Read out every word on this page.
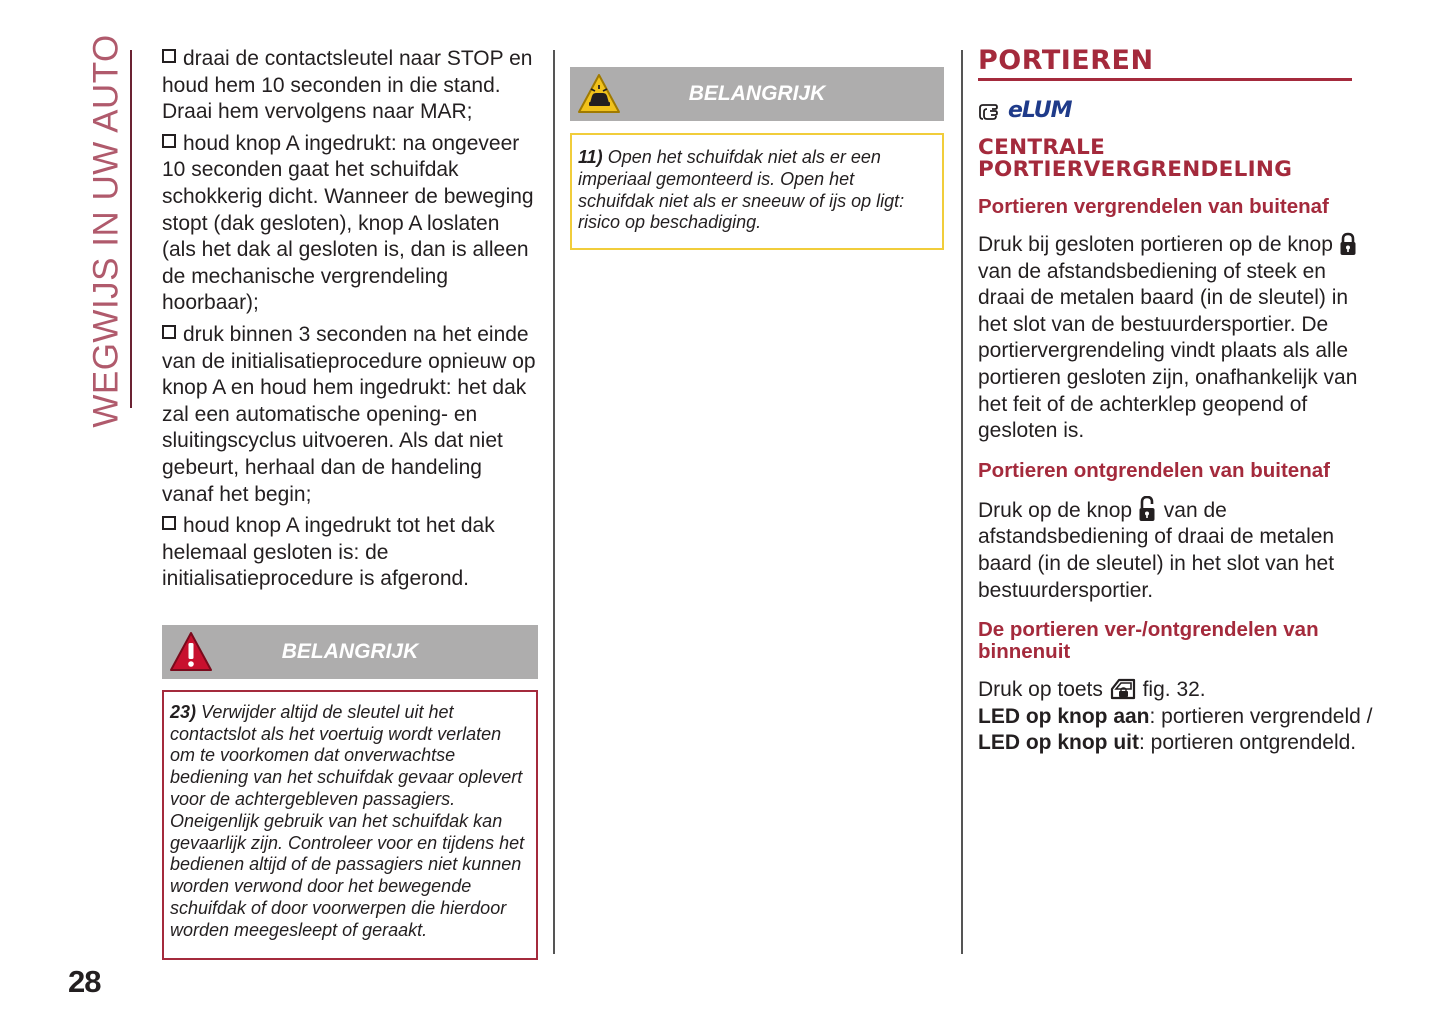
WEGWIJS IN UW AUTO
28

draai de contactsleutel naar STOP en houd hem 10 seconden in die stand. Draai hem vervolgens naar MAR;

houd knop A ingedrukt: na ongeveer 10 seconden gaat het schuifdak schokkerig dicht. Wanneer de beweging stopt (dak gesloten), knop A loslaten (als het dak al gesloten is, dan is alleen de mechanische vergrendeling hoorbaar);

druk binnen 3 seconden na het einde van de initialisatieprocedure opnieuw op knop A en houd hem ingedrukt: het dak zal een automatische opening- en sluitingscyclus uitvoeren. Als dat niet gebeurt, herhaal dan de handeling vanaf het begin;

houd knop A ingedrukt tot het dak helemaal gesloten is: de initialisatieprocedure is afgerond.

BELANGRIJK
23) Verwijder altijd de sleutel uit het contactslot als het voertuig wordt verlaten om te voorkomen dat onverwachtse bediening van het schuifdak gevaar oplevert voor de achtergebleven passagiers. Oneigenlijk gebruik van het schuifdak kan gevaarlijk zijn. Controleer voor en tijdens het bedienen altijd of de passagiers niet kunnen worden verwond door het bewegende schuifdak of door voorwerpen die hierdoor worden meegesleept of geraakt.
BELANGRIJK
11) Open het schuifdak niet als er een imperiaal gemonteerd is. Open het schuifdak niet als er sneeuw of ijs op ligt: risico op beschadiging.
PORTIEREN
eLUM
CENTRALE PORTIERVERGRENDELING
Portieren vergrendelen van buitenaf

Druk bij gesloten portieren op de knop  van de afstandsbediening of steek en draai de metalen baard (in de sleutel) in het slot van de bestuurdersportier. De portiervergrendeling vindt plaats als alle portieren gesloten zijn, onafhankelijk van het feit of de achterklep geopend of gesloten is.

Portieren ontgrendelen van buitenaf

Druk op de knop van de afstandsbediening of draai de metalen baard (in de sleutel) in het slot van het bestuurdersportier.

De portieren ver-/ontgrendelen van binnenuit

Druk op toets fig. 32.
LED op knop aan: portieren vergrendeld / LED op knop uit: portieren ontgrendeld.
